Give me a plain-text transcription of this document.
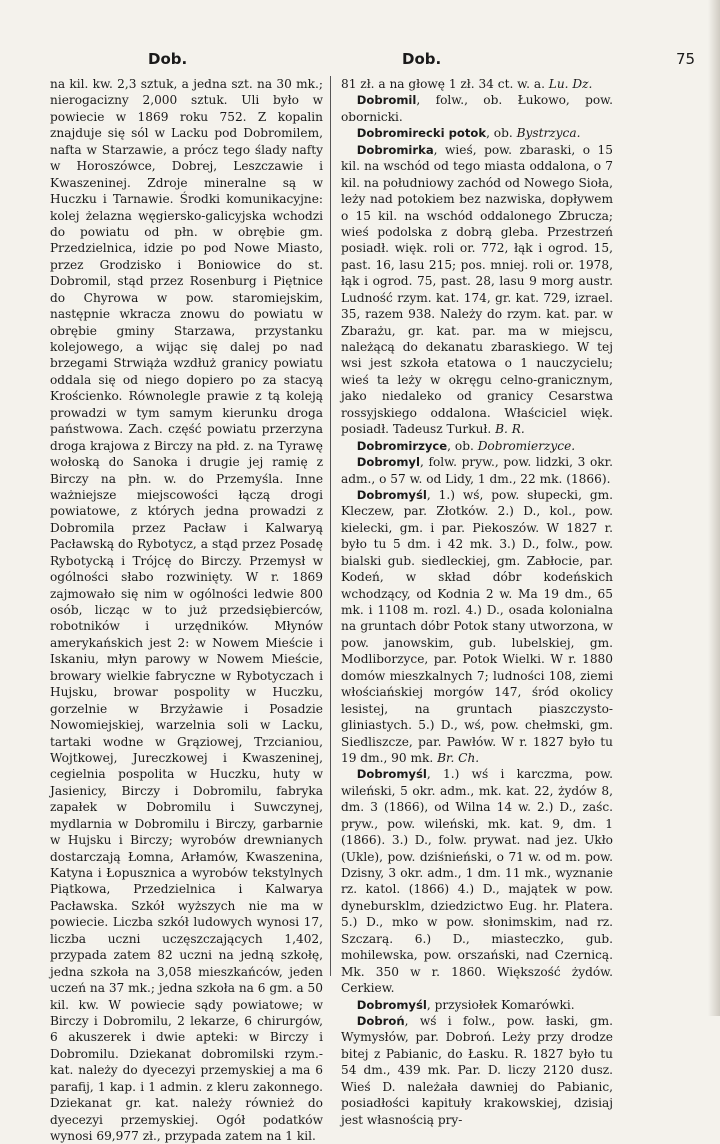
Dob.	Dob.	75

na kil. kw. 2,3 sztuk, a jedna szt. na 30 mk.; nierogacizny 2,000 sztuk. Uli było w powiecie w 1869 roku 752. Z kopalin znajduje się sól w Lacku pod Dobromilem, nafta w Starzawie, a prócz tego ślady nafty w Horoszówce, Dobrej, Leszczawie i Kwaszeninej. Zdroje mineralne są w Huczku i Tarnawie. Środki komunikacyjne: kolej żelazna węgiersko-galicyjska wchodzi do powiatu od płn. w obrębie gm. Przedzielnica, idzie po pod Nowe Miasto, przez Grodzisko i Boniowice do st. Dobromil, stąd przez Rosenburg i Piętnice do Chyrowa w pow. staromiejskim, następnie wkracza znowu do powiatu w obrębie gminy Starzawa, przystanku kolejowego, a wijąc się dalej po nad brzegami Strwiąża wzdłuż granicy powiatu oddala się od niego dopiero po za stacyą Krościenko. Równolegle prawie z tą koleją prowadzi w tym samym kierunku droga państwowa. Zach. część powiatu przerzyna droga krajowa z Birczy na płd. z. na Tyrawę wołoską do Sanoka i drugie jej ramię z Birczy na płn. w. do Przemyśla. Inne ważniejsze miejscowości łączą drogi powiatowe, z których jedna prowadzi z Dobromila przez Pacław i Kalwaryą Pacławską do Rybotycz, a stąd przez Posadę Rybotycką i Trójcę do Birczy. Przemysł w ogólności słabo rozwinięty. W r. 1869 zajmowało się nim w ogólności ledwie 800 osób, licząc w to już przedsiębierców, robotników i urzędników. Młynów amerykańskich jest 2: w Nowem Mieście i Iskaniu, młyn parowy w Nowem Mieście, browary wielkie fabryczne w Rybotyczach i Hujsku, browar pospolity w Huczku, gorzelnie w Brzyżawie i Posadzie Nowomiejskiej, warzelnia soli w Lacku, tartaki wodne w Grąziowej, Trzcianiou, Wojtkowej, Jureczkowej i Kwaszeninej, cegielnia pospolita w Huczku, huty w Jasienicy, Birczy i Dobromilu, fabryka zapałek w Dobromilu i Suwczynej, mydlarnia w Dobromilu i Birczy, garbarnie w Hujsku i Birczy; wyrobów drewnianych dostarczają Łomna, Arłamów, Kwaszenina, Katyna i Łopusznica a wyrobów tekstylnych Piątkowa, Przedzielnica i Kalwarya Pacławska. Szkół wyższych nie ma w powiecie. Liczba szkół ludowych wynosi 17, liczba uczni uczęszczających 1,402, przypada zatem 82 uczni na jedną szkołę, jedna szkoła na 3,058 mieszkańców, jeden uczeń na 37 mk.; jedna szkoła na 6 gm. a 50 kil. kw. W powiecie sądy powiatowe; w Birczy i Dobromilu, 2 lekarze, 6 chirurgów, 6 akuszerek i dwie apteki: w Birczy i Dobromilu. Dziekanat dobromilski rzym.-kat. należy do dyecezyi przemyskiej a ma 6 parafij, 1 kap. i 1 admin. z kleru zakonnego. Dziekanat gr. kat. należy również do dyecezyi przemyskiej. Ogół podatków wynosi 69,977 zł., przypada zatem na 1 kil.

81 zł. a na głowę 1 zł. 34 ct. w. a. Lu. Dz.

Dobromil, folw., ob. Łukowo, pow. obornicki.

Dobromirecki potok, ob. Bystrzyca.

Dobromirka, wieś, pow. zbaraski, o 15 kil. na wschód od tego miasta oddalona, o 7 kil. na południowy zachód od Nowego Sioła, leży nad potokiem bez nazwiska, dopływem o 15 kil. na wschód oddalonego Zbrucza; wieś podolska z dobrą gleba. Przestrzeń posiadł. więk. roli or. 772, łąk i ogrod. 15, past. 16, lasu 215; pos. mniej. roli or. 1978, łąk i ogrod. 75, past. 28, lasu 9 morg austr. Ludność rzym. kat. 174, gr. kat. 729, izrael. 35, razem 938. Należy do rzym. kat. par. w Zbarażu, gr. kat. par. ma w miejscu, należącą do dekanatu zbaraskiego. W tej wsi jest szkoła etatowa o 1 nauczycielu; wieś ta leży w okręgu celno-granicznym, jako niedaleko od granicy Cesarstwa rossyjskiego oddalona. Właściciel więk. posiadł. Tadeusz Turkuł. B. R.

Dobromirzyce, ob. Dobromierzyce.

Dobromyl, folw. pryw., pow. lidzki, 3 okr. adm., o 57 w. od Lidy, 1 dm., 22 mk. (1866).

Dobromyśl, 1.) wś, pow. słupecki, gm. Kleczew, par. Złotków. 2.) D., kol., pow. kielecki, gm. i par. Piekoszów. W 1827 r. było tu 5 dm. i 42 mk. 3.) D., folw., pow. bialski gub. siedleckiej, gm. Zabłocie, par. Kodeń, w skład dóbr kodeńskich wchodzący, od Kodnia 2 w. Ma 19 dm., 65 mk. i 1108 m. rozl. 4.) D., osada kolonialna na gruntach dóbr Potok stany utworzona, w pow. janowskim, gub. lubelskiej, gm. Modliborzyce, par. Potok Wielki. W r. 1880 domów mieszkalnych 7; ludności 108, ziemi włościańskiej morgów 147, śród okolicy lesistej, na gruntach piaszczysto-gliniastych. 5.) D., wś, pow. chełmski, gm. Siedliszcze, par. Pawłów. W r. 1827 było tu 19 dm., 90 mk. Br. Ch.

Dobromyśl, 1.) wś i karczma, pow. wileński, 5 okr. adm., mk. kat. 22, żydów 8, dm. 3 (1866), od Wilna 14 w. 2.) D., zaśc. pryw., pow. wileński, mk. kat. 9, dm. 1 (1866). 3.) D., folw. prywat. nad jez. Ukło (Ukle), pow. dziśnieński, o 71 w. od m. pow. Dzisny, 3 okr. adm., 1 dm. 11 mk., wyznanie rz. katol. (1866) 4.) D., majątek w pow. dynebursklm, dziedzictwo Eug. hr. Platera. 5.) D., mko w pow. słonimskim, nad rz. Szczarą. 6.) D., miasteczko, gub. mohilewska, pow. orszański, nad Czernicą. Mk. 350 w r. 1860. Większość żydów. Cerkiew.

Dobromyśl, przysiołek Komarówki.

Dobroń, wś i folw., pow. łaski, gm. Wymysłów, par. Dobroń. Leży przy drodze bitej z Pabianic, do Łasku. R. 1827 było tu 54 dm., 439 mk. Par. D. liczy 2120 dusz. Wieś D. należała dawniej do Pabianic, posiadłości kapituły krakowskiej, dzisiaj jest własnością pry-
